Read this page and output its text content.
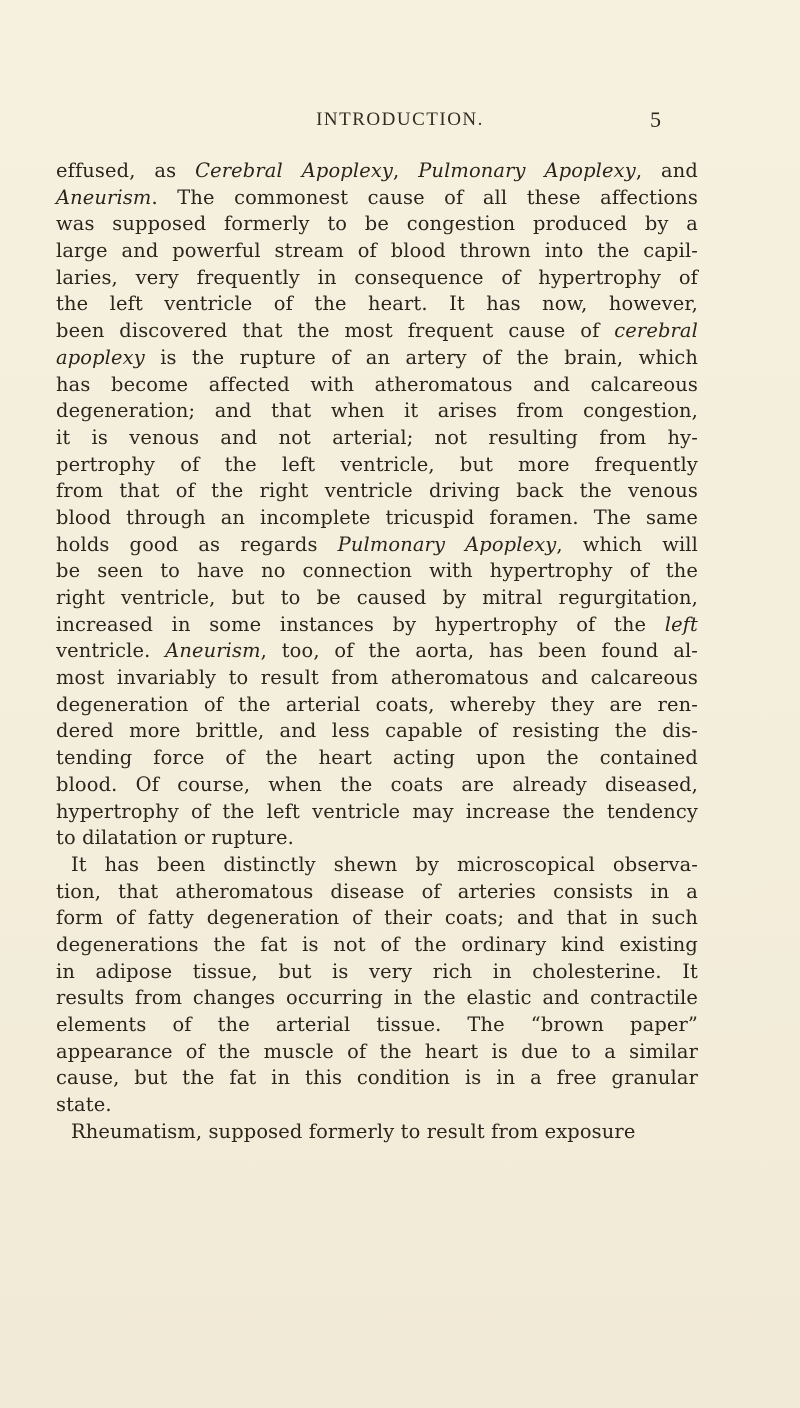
INTRODUCTION.	5
effused, as Cerebral Apoplexy, Pulmonary Apoplexy, and
Aneurism. The commonest cause of all these affections
was supposed formerly to be congestion produced by a
large and powerful stream of blood thrown into the capil-
laries, very frequently in consequence of hypertrophy of
the left ventricle of the heart. It has now, however,
been discovered that the most frequent cause of cerebral
apoplexy is the rupture of an artery of the brain, which
has become affected with atheromatous and calcareous
degeneration; and that when it arises from congestion,
it is venous and not arterial; not resulting from hy-
pertrophy of the left ventricle, but more frequently
from that of the right ventricle driving back the venous
blood through an incomplete tricuspid foramen. The same
holds good as regards Pulmonary Apoplexy, which will
be seen to have no connection with hypertrophy of the
right ventricle, but to be caused by mitral regurgitation,
increased in some instances by hypertrophy of the left
ventricle. Aneurism, too, of the aorta, has been found al-
most invariably to result from atheromatous and calcareous
degeneration of the arterial coats, whereby they are ren-
dered more brittle, and less capable of resisting the dis-
tending force of the heart acting upon the contained
blood. Of course, when the coats are already diseased,
hypertrophy of the left ventricle may increase the tendency
to dilatation or rupture.
It has been distinctly shewn by microscopical observa-
tion, that atheromatous disease of arteries consists in a
form of fatty degeneration of their coats; and that in such
degenerations the fat is not of the ordinary kind existing
in adipose tissue, but is very rich in cholesterine. It
results from changes occurring in the elastic and contractile
elements of the arterial tissue. The “brown paper”
appearance of the muscle of the heart is due to a similar
cause, but the fat in this condition is in a free granular
state.
Rheumatism, supposed formerly to result from exposure
